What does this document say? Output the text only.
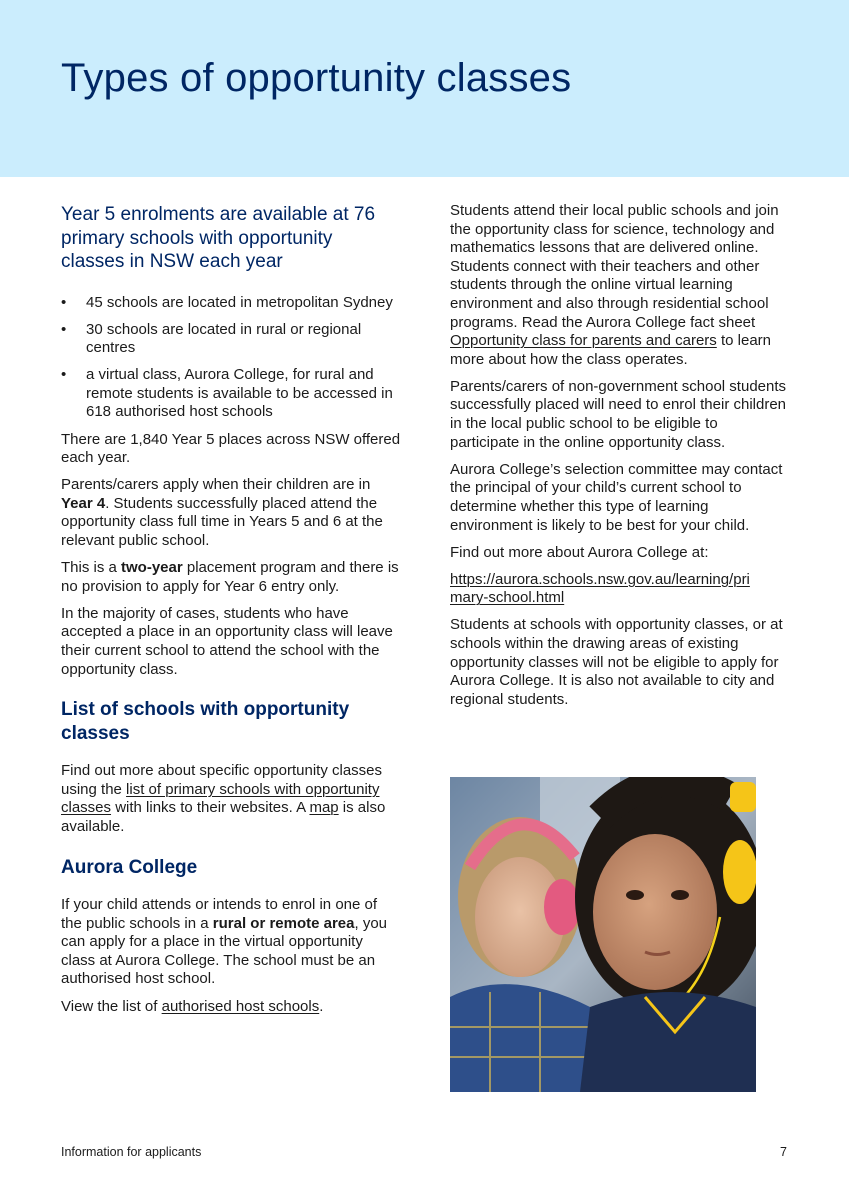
Types of opportunity classes
Year 5 enrolments are available at 76 primary schools with opportunity classes in NSW each year
• 45 schools are located in metropolitan Sydney
• 30 schools are located in rural or regional centres
• a virtual class, Aurora College, for rural and remote students is available to be accessed in 618 authorised host schools

There are 1,840 Year 5 places across NSW offered each year.

Parents/carers apply when their children are in Year 4. Students successfully placed attend the opportunity class full time in Years 5 and 6 at the relevant public school.

This is a two-year placement program and there is no provision to apply for Year 6 entry only.

In the majority of cases, students who have accepted a place in an opportunity class will leave their current school to attend the school with the opportunity class.

List of schools with opportunity classes

Find out more about specific opportunity classes using the list of primary schools with opportunity classes with links to their websites. A map is also available.

Aurora College

If your child attends or intends to enrol in one of the public schools in a rural or remote area, you can apply for a place in the virtual opportunity class at Aurora College. The school must be an authorised host school.

View the list of authorised host schools.

Students attend their local public schools and join the opportunity class for science, technology and mathematics lessons that are delivered online. Students connect with their teachers and other students through the online virtual learning environment and also through residential school programs. Read the Aurora College fact sheet Opportunity class for parents and carers to learn more about how the class operates.

Parents/carers of non-government school students successfully placed will need to enrol their children in the local public school to be eligible to participate in the online opportunity class.

Aurora College’s selection committee may contact the principal of your child’s current school to determine whether this type of learning environment is likely to be best for your child.

Find out more about Aurora College at:

https://aurora.schools.nsw.gov.au/learning/pri
mary-school.html

Students at schools with opportunity classes, or at schools within the drawing areas of existing opportunity classes will not be eligible to apply for Aurora College. It is also not available to city and regional students.

Information for applicants	7
